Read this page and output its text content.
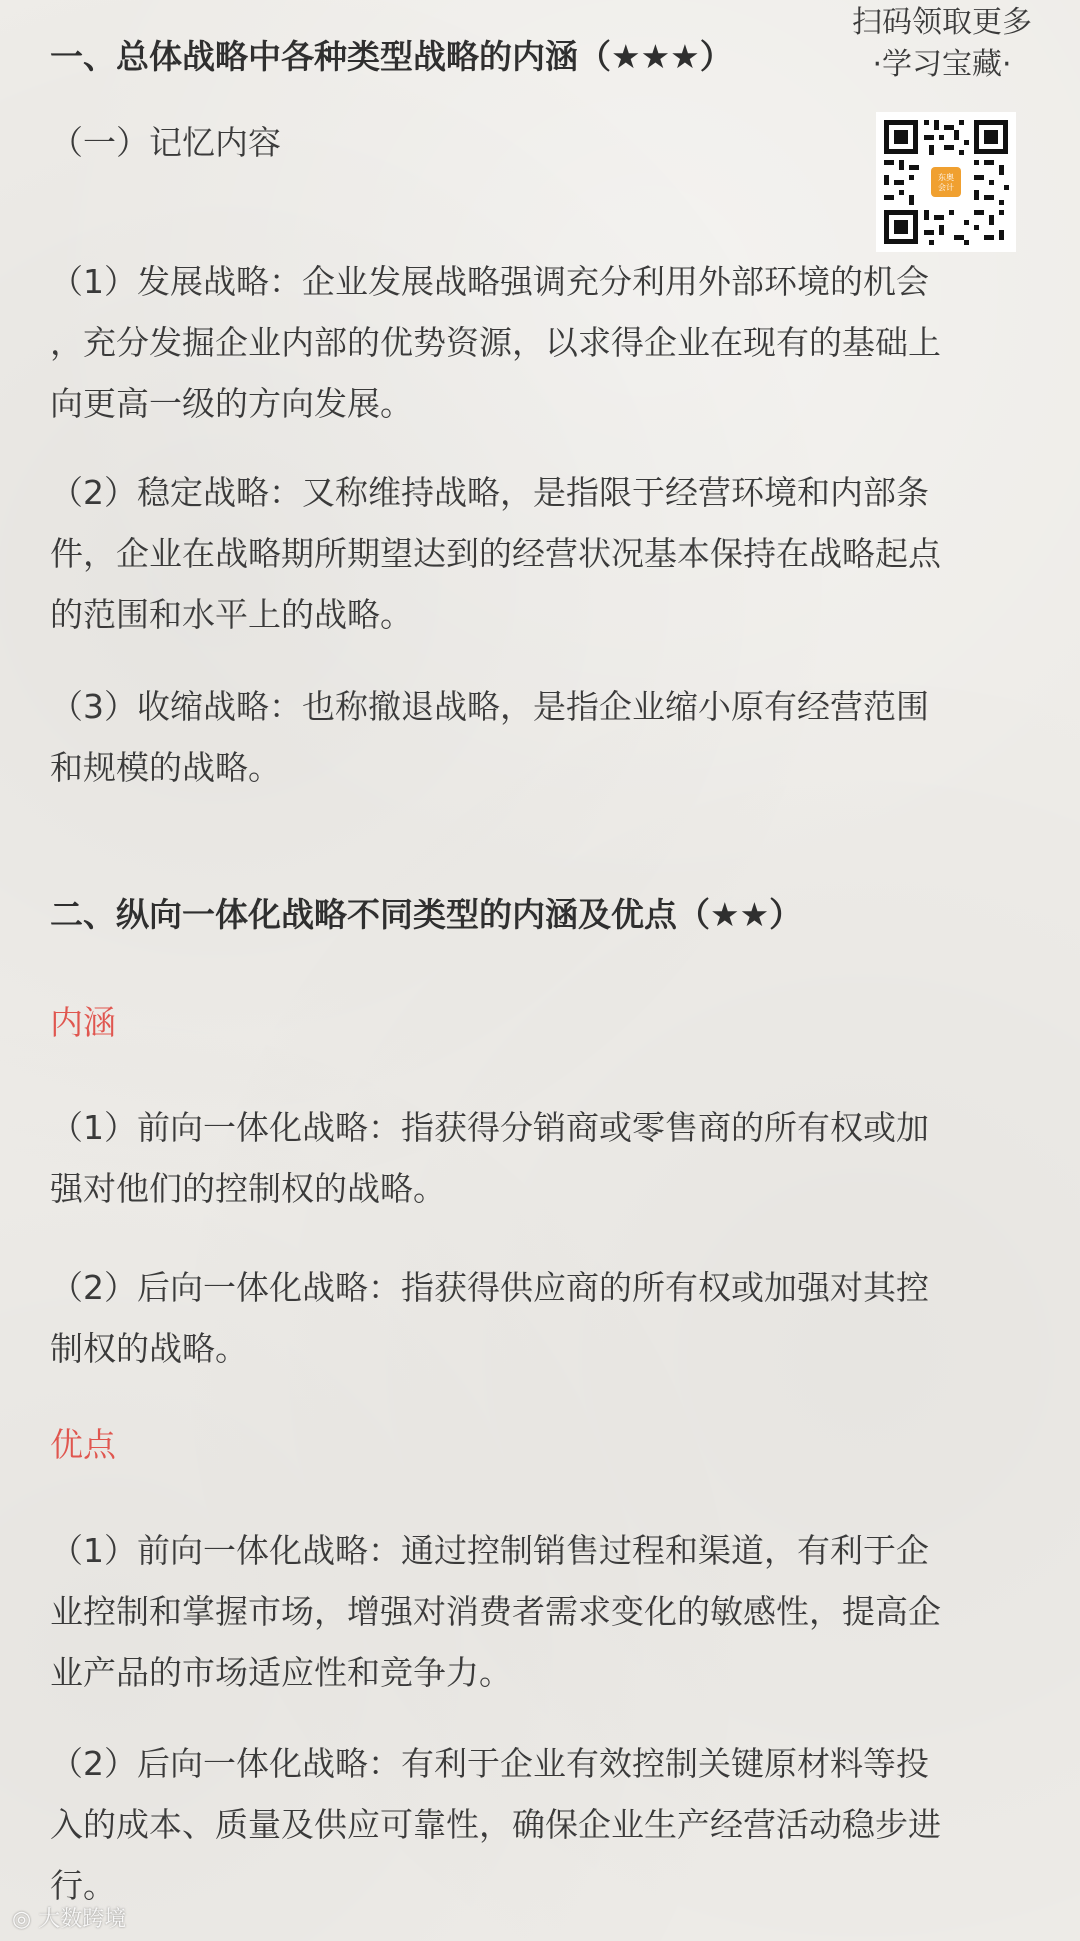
一、总体战略中各种类型战略的内涵（★★★）
（一）记忆内容
（1）发展战略：企业发展战略强调充分利用外部环境的机会
，充分发掘企业内部的优势资源，以求得企业在现有的基础上
向更高一级的方向发展。
（2）稳定战略：又称维持战略，是指限于经营环境和内部条
件，企业在战略期所期望达到的经营状况基本保持在战略起点
的范围和水平上的战略。
（3）收缩战略：也称撤退战略，是指企业缩小原有经营范围
和规模的战略。
二、纵向一体化战略不同类型的内涵及优点（★★）
内涵
（1）前向一体化战略：指获得分销商或零售商的所有权或加
强对他们的控制权的战略。
（2）后向一体化战略：指获得供应商的所有权或加强对其控
制权的战略。
优点
（1）前向一体化战略：通过控制销售过程和渠道，有利于企
业控制和掌握市场，增强对消费者需求变化的敏感性，提高企
业产品的市场适应性和竞争力。
（2）后向一体化战略：有利于企业有效控制关键原材料等投
入的成本、质量及供应可靠性，确保企业生产经营活动稳步进
行。
扫码领取更多
·学习宝藏·
东奥
会计
◎ 大数跨境
